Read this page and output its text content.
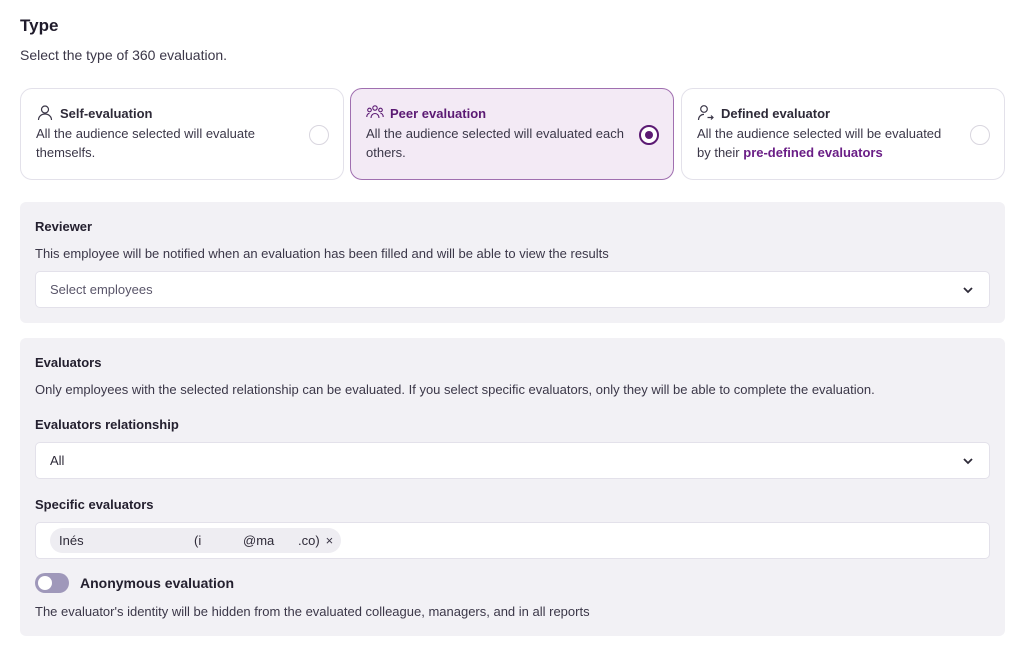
Type
Select the type of 360 evaluation.
Self-evaluation
All the audience selected will evaluate themselfs.
Peer evaluation
All the audience selected will evaluated each others.
Defined evaluator
All the audience selected will be evaluated by their pre-defined evaluators
Reviewer
This employee will be notified when an evaluation has been filled and will be able to view the results
Select employees
Evaluators
Only employees with the selected relationship can be evaluated. If you select specific evaluators, only they will be able to complete the evaluation.
Evaluators relationship
All
Specific evaluators
Inés	(i	@ma	.co) ×
Anonymous evaluation
The evaluator's identity will be hidden from the evaluated colleague, managers, and in all reports
